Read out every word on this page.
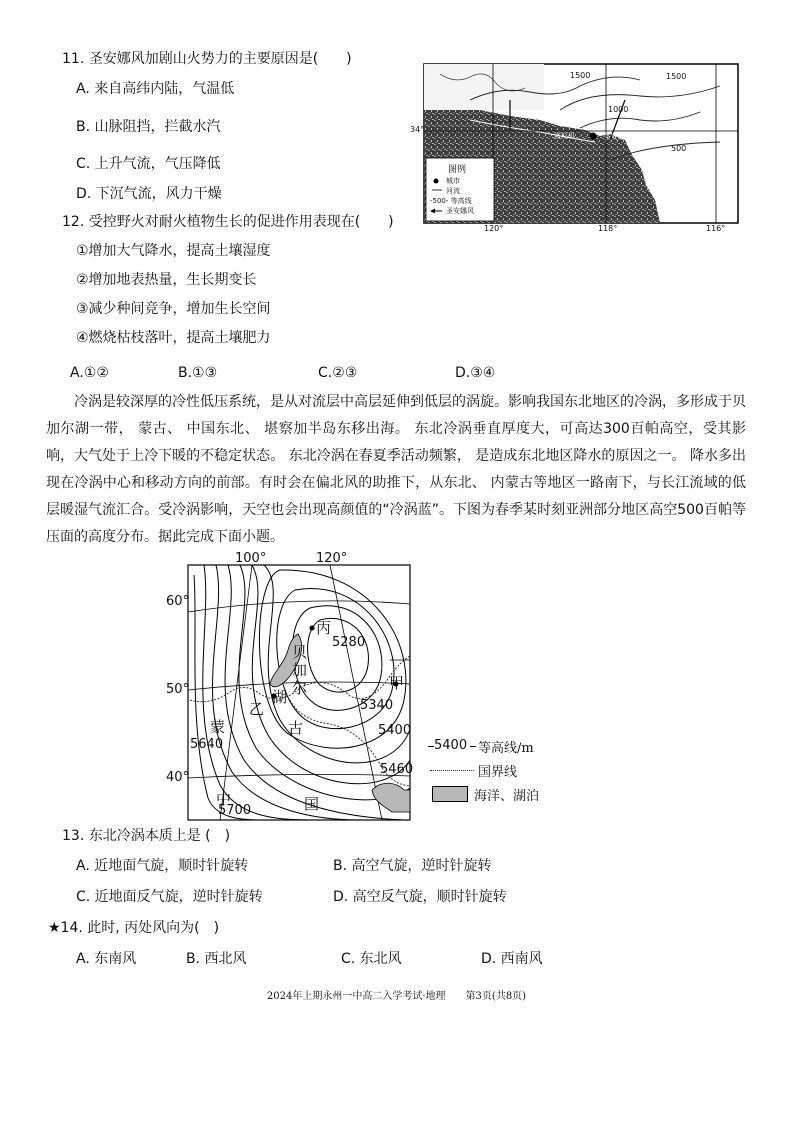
11. 圣安娜风加剧山火势力的主要原因是(　　)
A. 来自高纬内陆，气温低
B. 山脉阻挡，拦截水汽
C. 上升气流，气压降低
D. 下沉气流，风力干燥
12. 受控野火对耐火植物生长的促进作用表现在(　　)
①增加大气降水，提高土壤湿度
②增加地表热量，生长期变长
③减少种间竞争，增加生长空间
④燃烧枯枝落叶，提高土壤肥力
A.①②	B.①③	C.②③	D.③④
1500	1500
1000
500
34°
洛杉矶	圣安娜
120°	118°	116°
图例
城市
河流
-500- 等高线
圣安娜风
冷涡是较深厚的冷性低压系统，是从对流层中高层延伸到低层的涡旋。影响我国东北地区的冷涡，多形成于贝加尔湖一带， 蒙古、 中国东北、 堪察加半岛东移出海。 东北冷涡垂直厚度大，可高达300百帕高空，受其影响，大气处于上冷下暖的不稳定状态。 东北冷涡在春夏季活动频繁， 是造成东北地区降水的原因之一。 降水多出现在冷涡中心和移动方向的前部。有时会在偏北风的助推下，从东北、 内蒙古等地区一路南下，与长江流域的低层暖湿气流汇合。受冷涡影响，天空也会出现高颜值的“冷涡蓝”。下图为春季某时刻亚洲部分地区高空500百帕等压面的高度分布。据此完成下面小题。
100°	120°
60°
50°
40°
5280
5340
5400
5460
5640
5700
丙
甲
乙
贝
加
尔
湖
蒙	古
中	国
5400 等高线/m
国界线
海洋、湖泊
13. 东北冷涡本质上是 (　)
A. 近地面气旋，顺时针旋转	B. 高空气旋，逆时针旋转
C. 近地面反气旋，逆时针旋转	D. 高空反气旋，顺时针旋转
★14. 此时, 丙处风向为(　)
A. 东南风	B. 西北风	C. 东北风	D. 西南风
2024年上期永州一中高二入学考试·地理　　第3页(共8页)
